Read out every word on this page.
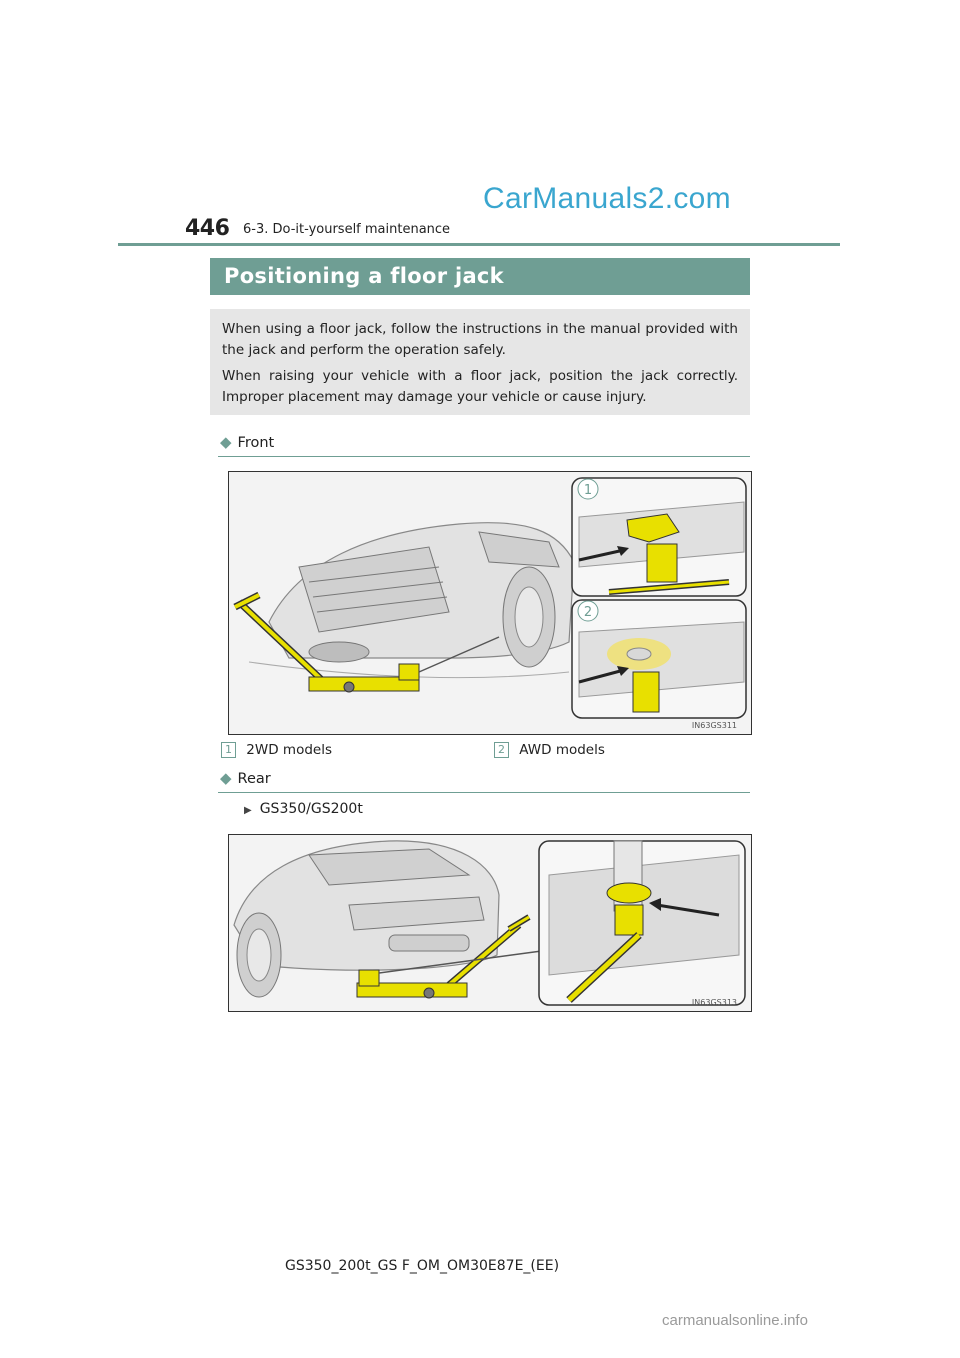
446 6-3. Do-it-yourself maintenance
CarManuals2.com
Positioning a floor jack
When using a floor jack, follow the instructions in the manual provided with the jack and perform the operation safely.
When raising your vehicle with a floor jack, position the jack correctly. Improper placement may damage your vehicle or cause injury.
◆ Front
1
2
IN63GS311
1 2WD models	2 AWD models
◆ Rear
▶ GS350/GS200t
IN63GS313
GS350_200t_GS F_OM_OM30E87E_(EE)
carmanualsonline.info
